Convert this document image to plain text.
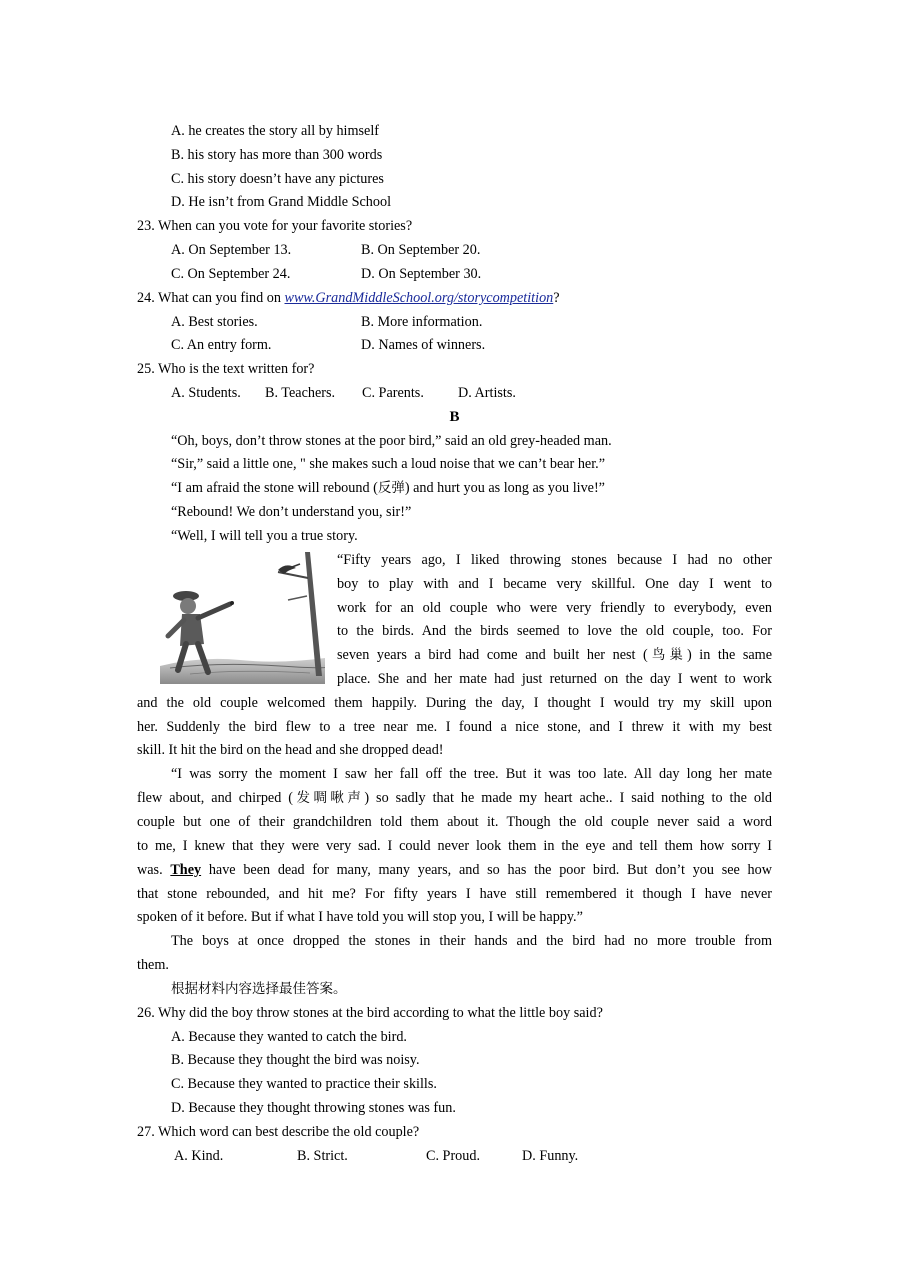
A. he creates the story all by himself
B. his story has more than 300 words
C. his story doesn’t have any pictures
D. He isn’t from Grand Middle School
23. When can you vote for your favorite stories?
A. On September 13.	B. On September 20.
C. On September 24.	D. On September 30.
24. What can you find on www.GrandMiddleSchool.org/storycompetition?
A. Best stories.	B. More information.
C. An entry form.	D. Names of winners.
25. Who is the text written for?
A. Students. B. Teachers. C. Parents. D. Artists.
B
“Oh, boys, don’t throw stones at the poor bird,” said an old grey-headed man.
“Sir,” said a little one, " she makes such a loud noise that we can’t bear her.”
“I am afraid the stone will rebound (反弹) and hurt you as long as you live!”
“Rebound! We don’t understand you, sir!”
“Well, I will tell you a true story.
“Fifty years ago, I liked throwing stones because I had no other
boy to play with and I became very skillful. One day I went to
work for an old couple who were very friendly to everybody, even
to the birds. And the birds seemed to love the old couple, too. For
seven years a bird had come and built her nest (鸟巢) in the same
place. She and her mate had just returned on the day I went to work
and the old couple welcomed them happily. During the day, I thought I would try my skill upon
her. Suddenly the bird flew to a tree near me. I found a nice stone, and I threw it with my best
skill. It hit the bird on the head and she dropped dead!
“I was sorry the moment I saw her fall off the tree. But it was too late. All day long her mate
flew about, and chirped (发啁啾声) so sadly that he made my heart ache.. I said nothing to the old
couple but one of their grandchildren told them about it. Though the old couple never said a word
to me, I knew that they were very sad. I could never look them in the eye and tell them how sorry I
was. They have been dead for many, many years, and so has the poor bird. But don’t you see how
that stone rebounded, and hit me? For fifty years I have still remembered it though I have never
spoken of it before. But if what I have told you will stop you, I will be happy.”
The boys at once dropped the stones in their hands and the bird had no more trouble from
them.
根据材料内容选择最佳答案。
26. Why did the boy throw stones at the bird according to what the little boy said?
A. Because they wanted to catch the bird.
B. Because they thought the bird was noisy.
C. Because they wanted to practice their skills.
D. Because they thought throwing stones was fun.
27. Which word can best describe the old couple?
A. Kind.	B. Strict.	C. Proud.	D. Funny.
